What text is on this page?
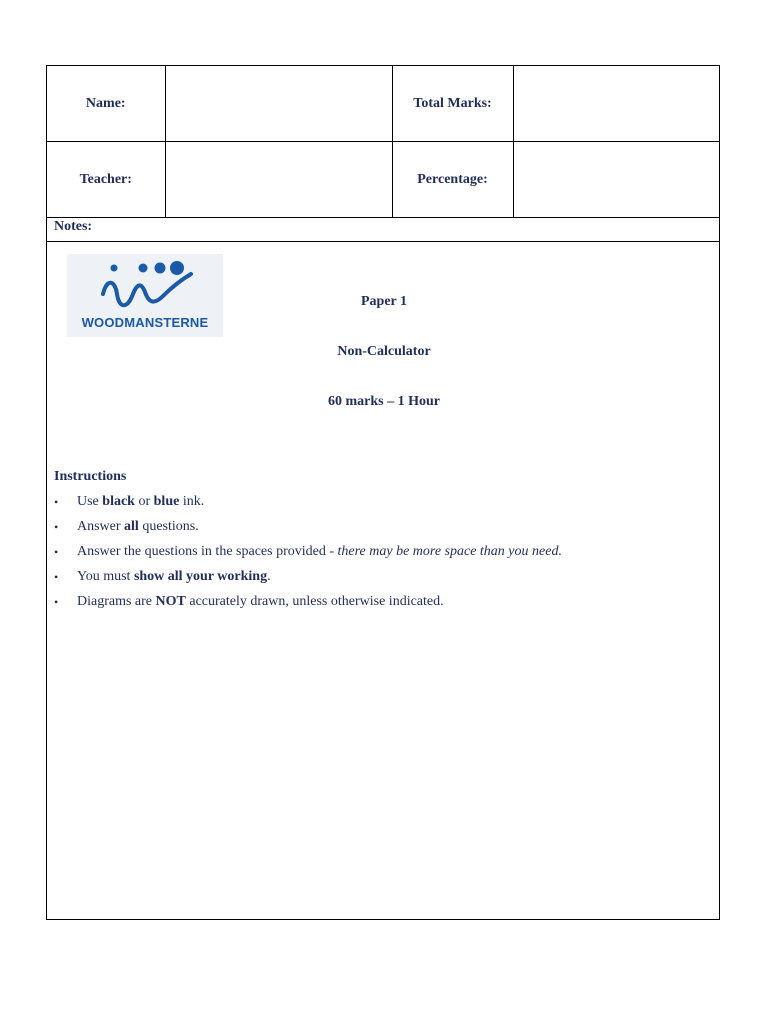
Name:		Total Marks:	
Teacher:		Percentage:	
Notes:
WOODMANSTERNE
Paper 1
Non-Calculator
60 marks – 1 Hour
Instructions
• Use black or blue ink.
• Answer all questions.
• Answer the questions in the spaces provided - there may be more space than you need.
• You must show all your working.
• Diagrams are NOT accurately drawn, unless otherwise indicated.
